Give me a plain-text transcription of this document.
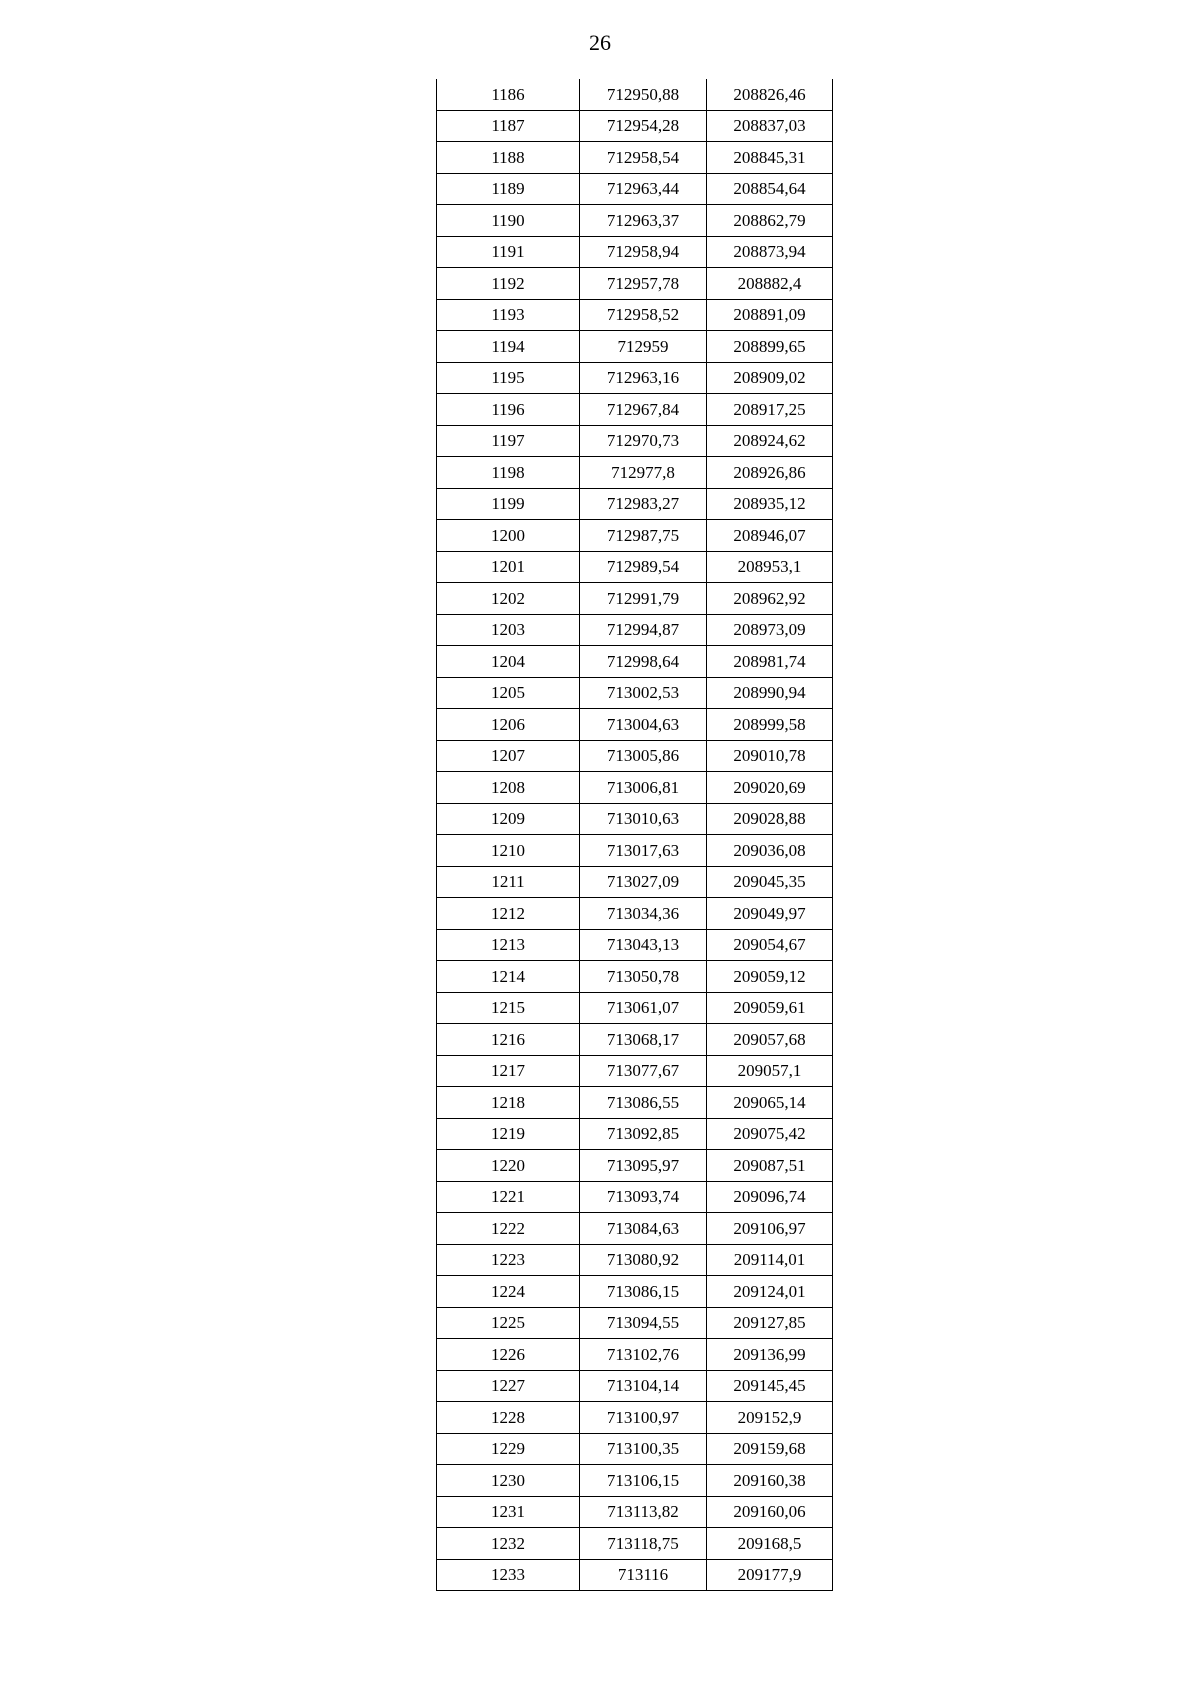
26
1186	712950,88	208826,46
1187	712954,28	208837,03
1188	712958,54	208845,31
1189	712963,44	208854,64
1190	712963,37	208862,79
1191	712958,94	208873,94
1192	712957,78	208882,4
1193	712958,52	208891,09
1194	712959	208899,65
1195	712963,16	208909,02
1196	712967,84	208917,25
1197	712970,73	208924,62
1198	712977,8	208926,86
1199	712983,27	208935,12
1200	712987,75	208946,07
1201	712989,54	208953,1
1202	712991,79	208962,92
1203	712994,87	208973,09
1204	712998,64	208981,74
1205	713002,53	208990,94
1206	713004,63	208999,58
1207	713005,86	209010,78
1208	713006,81	209020,69
1209	713010,63	209028,88
1210	713017,63	209036,08
1211	713027,09	209045,35
1212	713034,36	209049,97
1213	713043,13	209054,67
1214	713050,78	209059,12
1215	713061,07	209059,61
1216	713068,17	209057,68
1217	713077,67	209057,1
1218	713086,55	209065,14
1219	713092,85	209075,42
1220	713095,97	209087,51
1221	713093,74	209096,74
1222	713084,63	209106,97
1223	713080,92	209114,01
1224	713086,15	209124,01
1225	713094,55	209127,85
1226	713102,76	209136,99
1227	713104,14	209145,45
1228	713100,97	209152,9
1229	713100,35	209159,68
1230	713106,15	209160,38
1231	713113,82	209160,06
1232	713118,75	209168,5
1233	713116	209177,9
